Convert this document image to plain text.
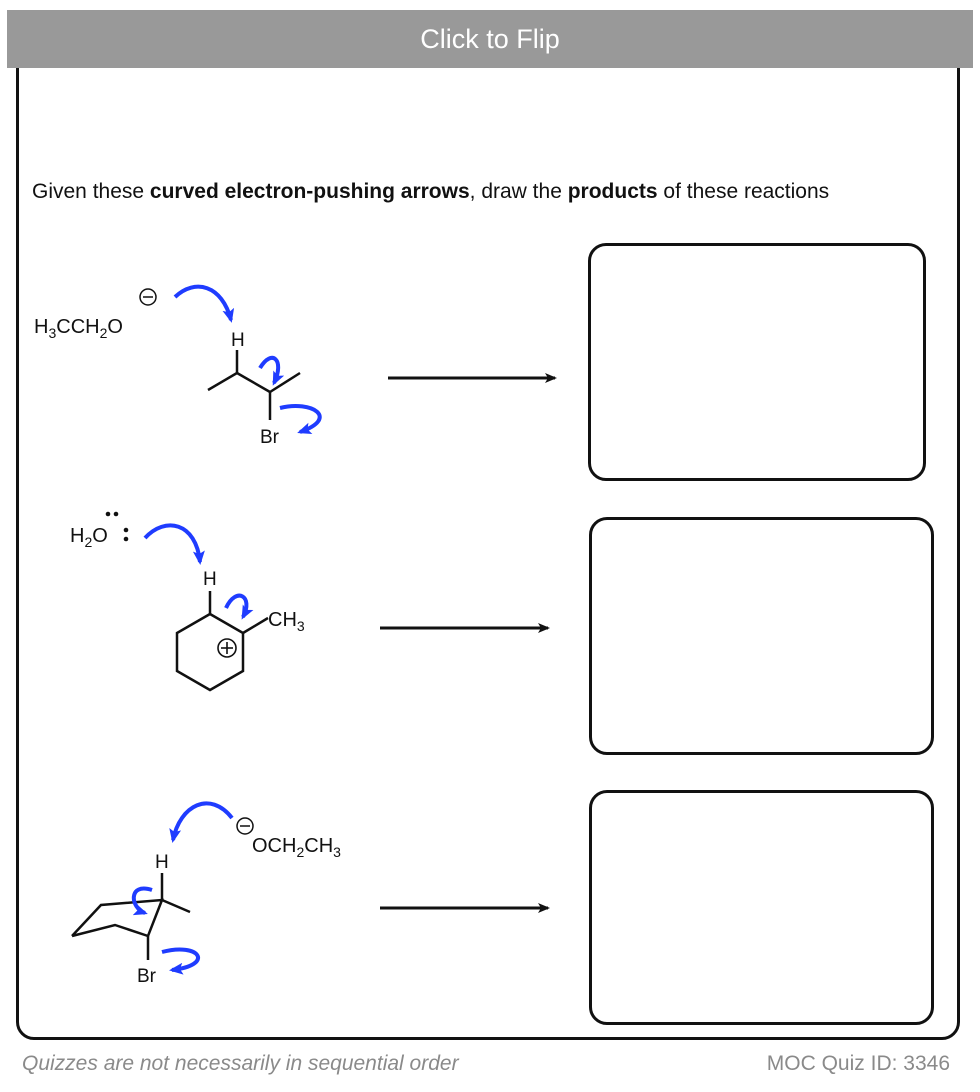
Click to Flip
Given these curved electron-pushing arrows, draw the products of these reactions
$H_3CCH_2O$
H
Br
$H_2O$
H
$CH_3$
$OCH_2CH_3$
H
Br
Quizzes are not necessarily in sequential order	MOC Quiz ID: 3346
